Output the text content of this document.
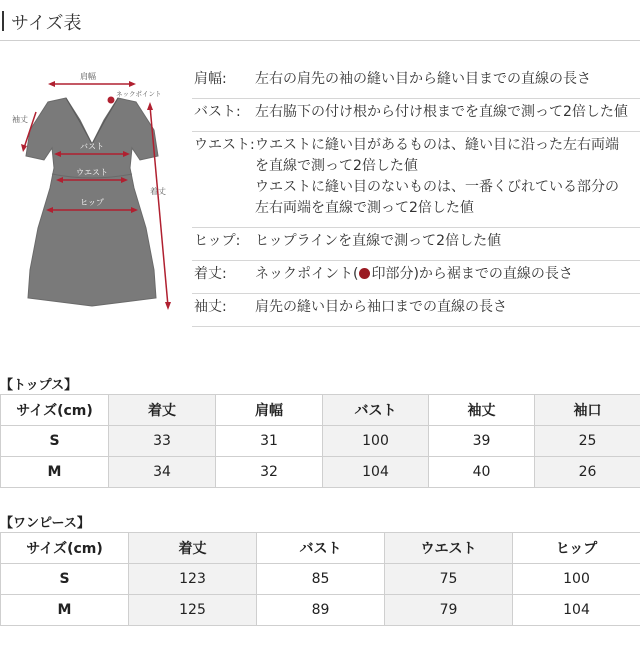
サイズ表
肩幅
ネックポイント
袖丈
着丈
バスト
ウエスト
ヒップ
肩幅: 左右の肩先の袖の縫い目から縫い目までの直線の長さ
バスト: 左右脇下の付け根から付け根までを直線で測って2倍した値
ウエスト: ウエストに縫い目があるものは、縫い目に沿った左右両端
を直線で測って2倍した値
ウエストに縫い目のないものは、一番くびれている部分の
左右両端を直線で測って2倍した値
ヒップ: ヒップラインを直線で測って2倍した値
着丈: ネックポイント( 印部分)から裾までの直線の長さ
袖丈: 肩先の縫い目から袖口までの直線の長さ
【トップス】
サイズ(cm)	着丈	肩幅	バスト	袖丈	袖口
S	33	31	100	39	25
M	34	32	104	40	26
【ワンピース】
サイズ(cm)	着丈	バスト	ウエスト	ヒップ
S	123	85	75	100
M	125	89	79	104
